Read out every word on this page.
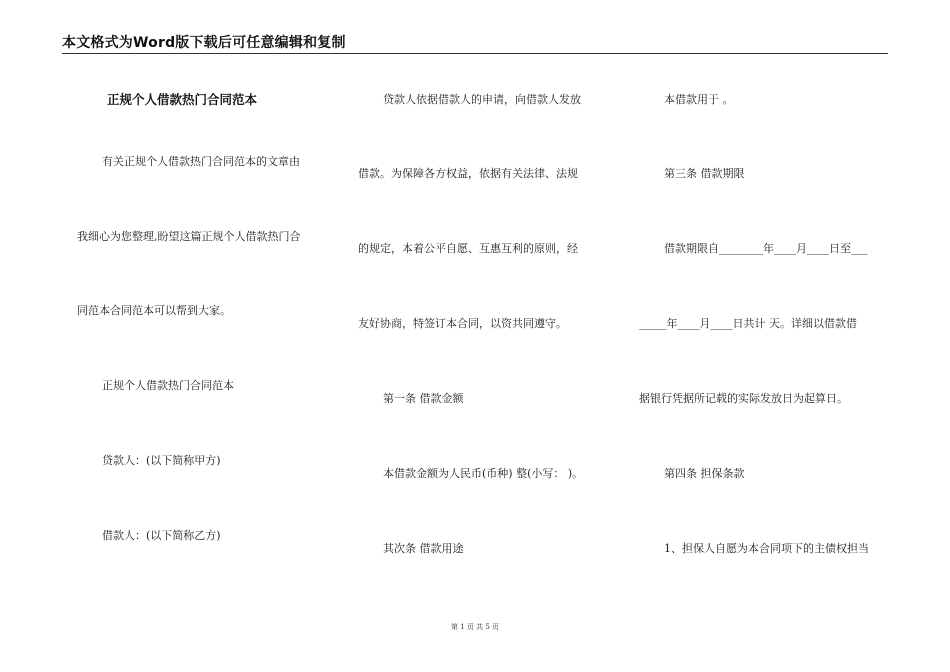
本文格式为Word版下载后可任意编辑和复制
正规个人借款热门合同范本
有关正规个人借款热门合同范本的文章由
我细心为您整理,盼望这篇正规个人借款热门合
同范本合同范本可以帮到大家。
正规个人借款热门合同范本
贷款人：(以下简称甲方)
借款人：(以下简称乙方)
贷款人依据借款人的申请，向借款人发放
借款。为保障各方权益，依据有关法律、法规
的规定，本着公平自愿、互惠互利的原则，经
友好协商，特签订本合同，以资共同遵守。
第一条 借款金额
本借款金额为人民币(币种) 整(小写： )。
其次条 借款用途
本借款用于 。
第三条 借款期限
借款期限自________年____月____日至___
_____年____月____日共计 天。详细以借款借
据银行凭据所记载的实际发放日为起算日。
第四条 担保条款
1、担保人自愿为本合同项下的主债权担当
第 1 页 共 5 页
